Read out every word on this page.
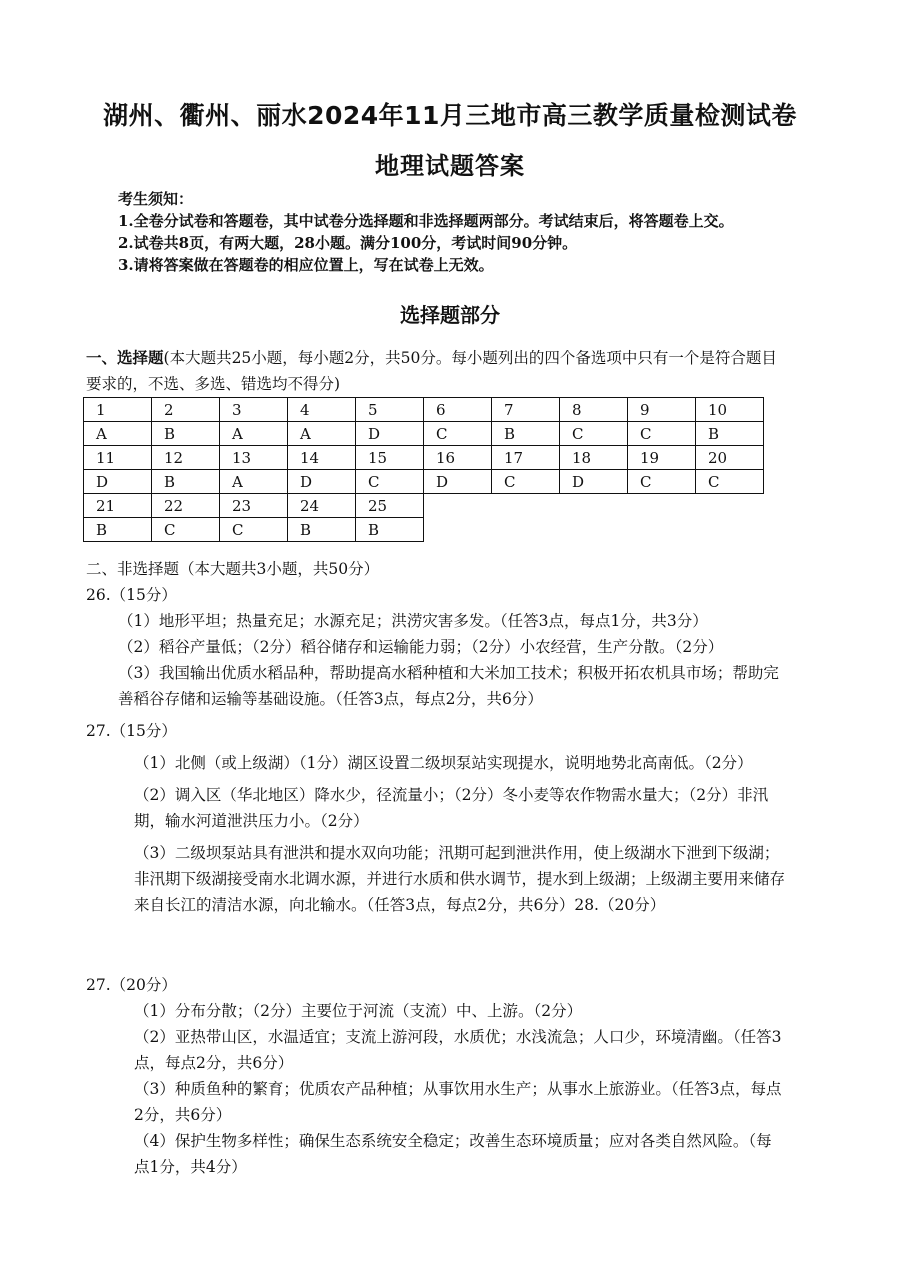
湖州、衢州、丽水2024年11月三地市高三教学质量检测试卷
地理试题答案

考生须知：

1.全卷分试卷和答题卷，其中试卷分选择题和非选择题两部分。考试结束后，将答题卷上交。

2.试卷共8页，有两大题，28小题。满分100分，考试时间90分钟。

3.请将答案做在答题卷的相应位置上，写在试卷上无效。

选择题部分
一、选择题(本大题共25小题，每小题2分，共50分。每小题列出的四个备选项中只有一个是符合题目要求的，不选、多选、错选均不得分)
1	2	3	4	5	6	7	8	9	10
A	B	A	A	D	C	B	C	C	B
11	12	13	14	15	16	17	18	19	20
D	B	A	D	C	D	C	D	C	C
21	22	23	24	25					
B	C	C	B	B					

二、非选择题（本大题共3小题，共50分）

26.（15分）

（1）地形平坦；热量充足；水源充足；洪涝灾害多发。（任答3点，每点1分，共3分）

（2）稻谷产量低；（2分）稻谷储存和运输能力弱；（2分）小农经营，生产分散。（2分）

（3）我国输出优质水稻品种，帮助提高水稻种植和大米加工技术；积极开拓农机具市场；帮助完善稻谷存储和运输等基础设施。（任答3点，每点2分，共6分）

27.（15分）

（1）北侧（或上级湖）（1分）湖区设置二级坝泵站实现提水，说明地势北高南低。（2分）

（2）调入区（华北地区）降水少，径流量小；（2分）冬小麦等农作物需水量大；（2分）非汛期，输水河道泄洪压力小。（2分）

（3）二级坝泵站具有泄洪和提水双向功能；汛期可起到泄洪作用，使上级湖水下泄到下级湖；非汛期下级湖接受南水北调水源，并进行水质和供水调节，提水到上级湖；上级湖主要用来储存来自长江的清洁水源，向北输水。（任答3点，每点2分，共6分）28.（20分）

27.（20分）

（1）分布分散；（2分）主要位于河流（支流）中、上游。（2分）

（2）亚热带山区，水温适宜；支流上游河段，水质优；水浅流急；人口少，环境清幽。（任答3点，每点2分，共6分）

（3）种质鱼种的繁育；优质农产品种植；从事饮用水生产；从事水上旅游业。（任答3点，每点2分，共6分）

（4）保护生物多样性；确保生态系统安全稳定；改善生态环境质量；应对各类自然风险。（每点1分，共4分）
